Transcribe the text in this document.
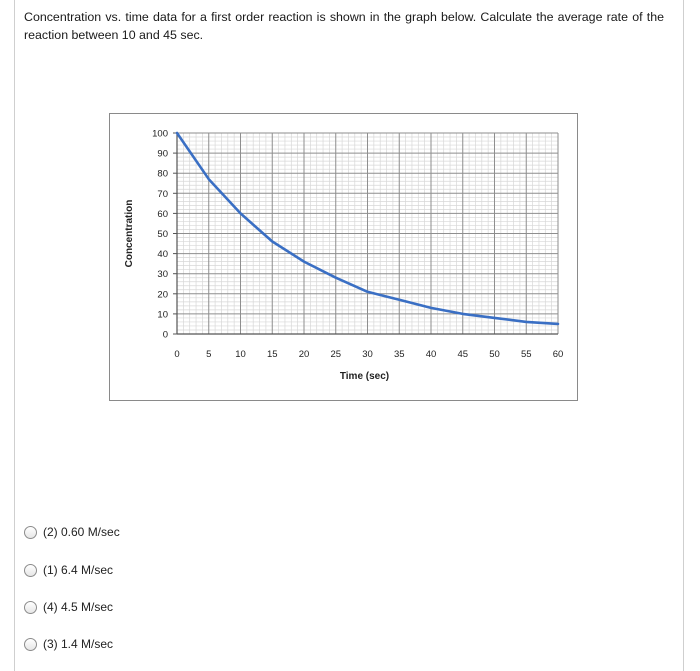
Concentration vs. time data for a first order reaction is shown in the graph below. Calculate the average rate of the reaction between 10 and 45 sec.
0
10
20
30
40
50
60
70
80
90
100
0	5	10 15 20 25 30 35 40 45 50 55 60
Time (sec)
Concentration
(2) 0.60 M/sec
(1) 6.4 M/sec
(4) 4.5 M/sec
(3) 1.4 M/sec
